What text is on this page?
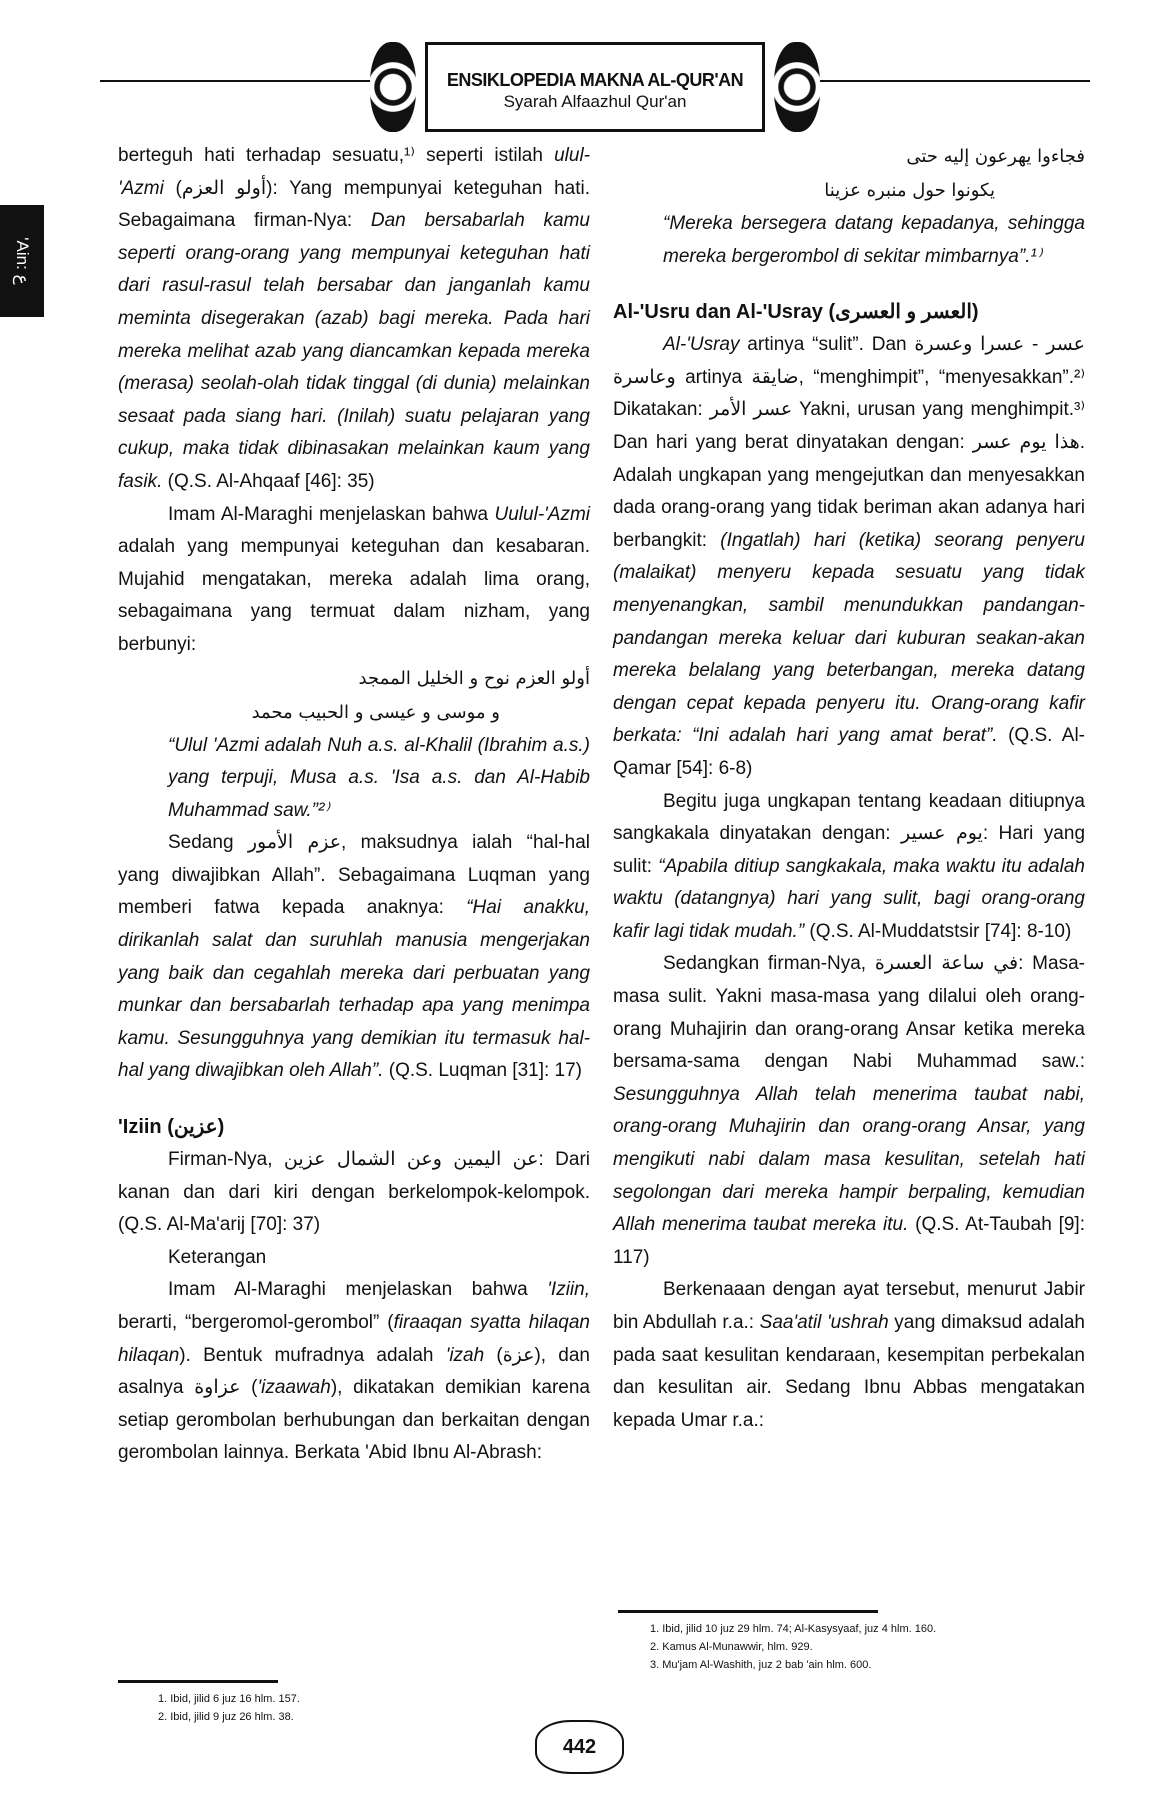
ENSIKLOPEDIA MAKNA AL-QUR'AN
Syarah Alfaazhul Qur'an
'Ain: ع

berteguh hati terhadap sesuatu,¹⁾ seperti istilah ulul-'Azmi (أولو العزم): Yang mempunyai keteguhan hati. Sebagaimana firman-Nya: Dan bersabarlah kamu seperti orang-orang yang mempunyai keteguhan hati dari rasul-rasul telah bersabar dan janganlah kamu meminta disegerakan (azab) bagi mereka. Pada hari mereka melihat azab yang diancamkan kepada mereka (merasa) seolah-olah tidak tinggal (di dunia) melainkan sesaat pada siang hari. (Inilah) suatu pelajaran yang cukup, maka tidak dibinasakan melainkan kaum yang fasik. (Q.S. Al-Ahqaaf [46]: 35)

Imam Al-Maraghi menjelaskan bahwa Uulul-'Azmi adalah yang mempunyai keteguhan dan kesabaran. Mujahid mengatakan, mereka adalah lima orang, sebagaimana yang termuat dalam nizham, yang berbunyi:

أولو العزم نوح و الخليل الممجد
و موسى و عيسى و الحبيب محمد

“Ulul 'Azmi adalah Nuh a.s. al-Khalil (Ibrahim a.s.) yang terpuji, Musa a.s. 'Isa a.s. dan Al-Habib Muhammad saw.”²⁾

Sedang عزم الأمور, maksudnya ialah “hal-hal yang diwajibkan Allah”. Sebagaimana Luqman yang memberi fatwa kepada anaknya: “Hai anakku, dirikanlah salat dan suruhlah manusia mengerjakan yang baik dan cegahlah mereka dari perbuatan yang munkar dan bersabarlah terhadap apa yang menimpa kamu. Sesungguhnya yang demikian itu termasuk hal-hal yang diwajibkan oleh Allah”. (Q.S. Luqman [31]: 17)

'Iziin (عزين)

Firman-Nya, عن اليمين وعن الشمال عزين: Dari kanan dan dari kiri dengan berkelompok-kelompok. (Q.S. Al-Ma'arij [70]: 37)

Keterangan

Imam Al-Maraghi menjelaskan bahwa 'Iziin, berarti, “bergeromol-gerombol” (firaaqan syatta hilaqan hilaqan). Bentuk mufradnya adalah 'izah (عزة), dan asalnya عزاوة ('izaawah), dikatakan demikian karena setiap gerombolan berhubungan dan berkaitan dengan gerombolan lainnya. Berkata 'Abid Ibnu Al-Abrash:

فجاءوا يهرعون إليه حتى
يكونوا حول منبره عزينا

“Mereka bersegera datang kepadanya, sehingga mereka bergerombol di sekitar mimbarnya”.¹⁾

Al-'Usru dan Al-'Usray (العسر و العسرى)

Al-'Usray artinya “sulit”. Dan عسر - عسرا وعسرة وعاسرة artinya ضايقة, “menghimpit”, “menyesakkan”.²⁾ Dikatakan: عسر الأمر Yakni, urusan yang menghimpit.³⁾ Dan hari yang berat dinyatakan dengan: هذا يوم عسر. Adalah ungkapan yang mengejutkan dan menyesakkan dada orang-orang yang tidak beriman akan adanya hari berbangkit: (Ingatlah) hari (ketika) seorang penyeru (malaikat) menyeru kepada sesuatu yang tidak menyenangkan, sambil menundukkan pandangan-pandangan mereka keluar dari kuburan seakan-akan mereka belalang yang beterbangan, mereka datang dengan cepat kepada penyeru itu. Orang-orang kafir berkata: “Ini adalah hari yang amat berat”. (Q.S. Al-Qamar [54]: 6-8)

Begitu juga ungkapan tentang keadaan ditiupnya sangkakala dinyatakan dengan: يوم عسير: Hari yang sulit: “Apabila ditiup sangkakala, maka waktu itu adalah waktu (datangnya) hari yang sulit, bagi orang-orang kafir lagi tidak mudah.” (Q.S. Al-Muddatstsir [74]: 8-10)

Sedangkan firman-Nya, في ساعة العسرة: Masa-masa sulit. Yakni masa-masa yang dilalui oleh orang-orang Muhajirin dan orang-orang Ansar ketika mereka bersama-sama dengan Nabi Muhammad saw.: Sesungguhnya Allah telah menerima taubat nabi, orang-orang Muhajirin dan orang-orang Ansar, yang mengikuti nabi dalam masa kesulitan, setelah hati segolongan dari mereka hampir berpaling, kemudian Allah menerima taubat mereka itu. (Q.S. At-Taubah [9]: 117)

Berkenaaan dengan ayat tersebut, menurut Jabir bin Abdullah r.a.: Saa'atil 'ushrah yang dimaksud adalah pada saat kesulitan kendaraan, kesempitan perbekalan dan kesulitan air. Sedang Ibnu Abbas mengatakan kepada Umar r.a.:

1. Ibid, jilid 6 juz 16 hlm. 157.
2. Ibid, jilid 9 juz 26 hlm. 38.
1. Ibid, jilid 10 juz 29 hlm. 74; Al-Kasysyaaf, juz 4 hlm. 160.
2. Kamus Al-Munawwir, hlm. 929.
3. Mu'jam Al-Washith, juz 2 bab 'ain hlm. 600.
442
